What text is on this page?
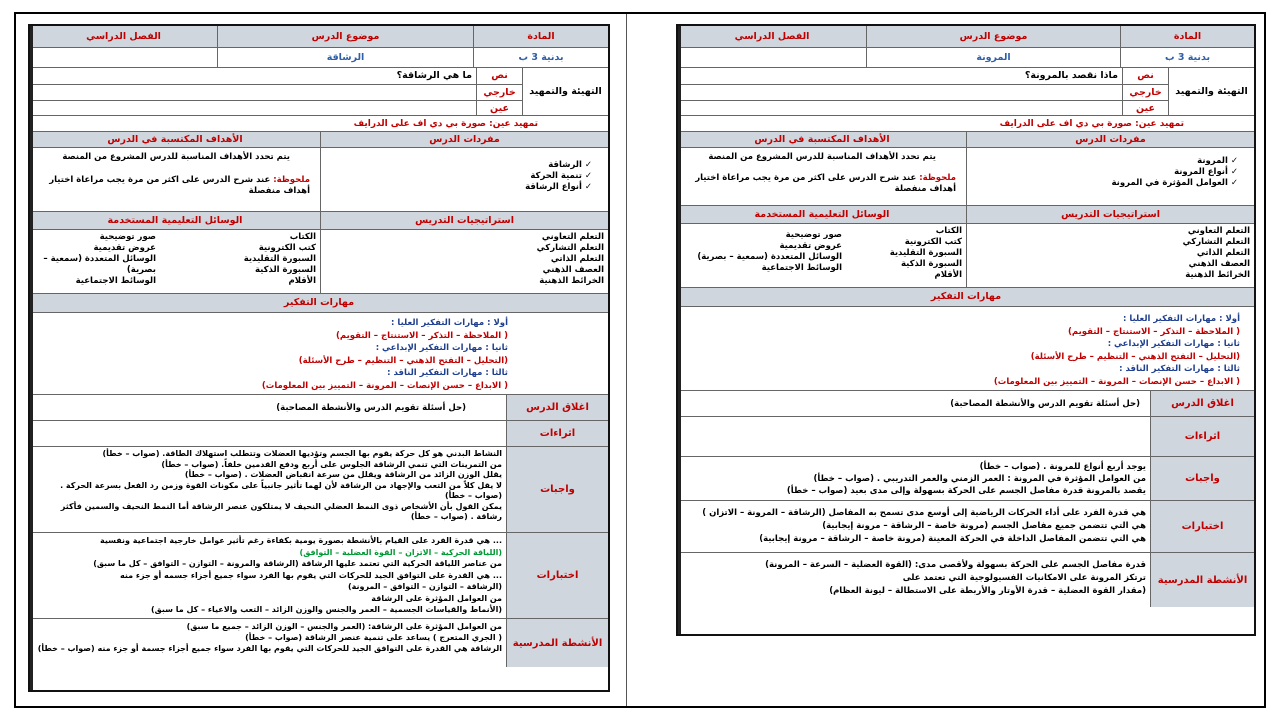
المادة
موضوع الدرس
الفصل الدراسي
بدنية 3 ب
الرشاقة
التهيئة والتمهيد
نص
خارجي
عين
ما هي الرشاقة؟
تمهيد عين: صورة بي دي اف على الدرايف
مفردات الدرس
الأهداف المكتسبة في الدرس
✓ الرشاقة
✓ تنمية الحركة
✓ أنواع الرشاقة
يتم تحدد الأهداف المناسبة للدرس المشروع من المنصة
ملحوظة: عند شرح الدرس على اكثر من مرة يجب مراعاة اختيار أهداف منفصلة
استراتيجيات التدريس
الوسائل التعليمية المستخدمة
التعلم التعاوني
التعلم التشاركي
التعلم الذاتي
العصف الذهني
الخرائط الذهنية
الكتاب
كتب الكترونية
السبورة التقليدية
السبورة الذكية
الأقلام
صور توضيحية
عروض تقديمية
الوسائل المتعددة (سمعية –
بصرية)
الوسائط الاجتماعية
مهارات التفكير
أولا : مهارات التفكير العليا :
( الملاحظة – التذكر – الاستنتاج – التقويم)
ثانيا : مهارات التفكير الإبداعي :
(التحليل – التفتح الذهني – التنظيم – طرح الأسئلة)
ثالثا : مهارات التفكير الناقد :
( الابداع – حسن الإنصات – المرونة – التمييز بين المعلومات)
اغلاق الدرس
(حل أسئلة تقويم الدرس والأنشطة المصاحبة)
اثراءات
واجبات
النشاط البدني هو كل حركة يقوم بها الجسم وتؤديها العضلات وتتطلب استهلاك الطاقة. (صواب – خطأ)
من التمرينات التي تنمي الرشاقة الجلوس على أربع ودفع القدمين خلفاً. (صواب – خطأ)
يقلل الوزن الزائد من الرشاقة ويقلل من سرعة انقباض العضلات . (صواب – خطأ)
لا يقل كلاً من التعب والإجهاد من الرشاقة لأن لهما تأثير جانبياً على مكونات القوة وزمن رد الفعل بسرعة الحركة . (صواب – خطأ)
يمكن القول بأن الأشخاص ذوى النمط العضلي النحيف لا يمتلكون عنصر الرشاقة أما النمط النحيف والسمين فأكثر رشاقة . (صواب – خطأ)
اختبارات
... هي قدرة الفرد على القيام بالأنشطة بصورة يومية بكفاءة رغم تأثير عوامل خارجية اجتماعية ونفسية
(اللياقة الحركية – الاتزان – القوة العضلية – التوافق)
من عناصر اللياقة الحركية التي تعتمد عليها الرشاقة (الرشاقة والمرونة – التوازن – التوافق – كل ما سبق)
... هي القدرة على التوافق الجيد للحركات التي يقوم بها الفرد سواء جميع أجزاء جسمه أو جزء منه
(الرشاقة – التوازن – التوافق – المرونة)
من العوامل المؤثرة على الرشاقة
(الأنماط والقياسات الجسمية – العمر والجنس والوزن الزائد – التعب والاعياء – كل ما سبق)
الأنشطة المدرسية
من العوامل المؤثرة على الرشاقة: (العمر والجنس – الوزن الزائد – جميع ما سبق)
( الجري المتعرج ) يساعد على تنمية عنصر الرشاقة (صواب – خطأ)
الرشاقة هي القدرة على التوافق الجيد للحركات التي يقوم بها الفرد سواء جميع أجزاء جسمة أو جزء منه (صواب – خطأ)
المادة
موضوع الدرس
الفصل الدراسي
بدنية 3 ب
المرونة
التهيئة والتمهيد
نص
خارجي
عين
ماذا نقصد بالمرونة؟
تمهيد عين: صورة بي دي اف على الدرايف
مفردات الدرس
الأهداف المكتسبة في الدرس
✓ المرونة
✓ أنواع المرونة
✓ العوامل المؤثرة في المرونة
يتم تحدد الأهداف المناسبة للدرس المشروع من المنصة
ملحوظة: عند شرح الدرس على اكثر من مرة يجب مراعاة اختيار أهداف منفصلة
استراتيجيات التدريس
الوسائل التعليمية المستخدمة
التعلم التعاوني
التعلم التشاركي
التعلم الذاتي
العصف الذهني
الخرائط الذهنية
الكتاب
كتب الكترونية
السبورة التقليدية
السبورة الذكية
الأقلام
صور توضيحية
عروض تقديمية
الوسائل المتعددة (سمعية – بصرية)
الوسائط الاجتماعية
مهارات التفكير
أولا : مهارات التفكير العليا :
( الملاحظة – التذكر – الاستنتاج – التقويم)
ثانيا : مهارات التفكير الإبداعي :
(التحليل – التفتح الذهني – التنظيم – طرح الأسئلة)
ثالثا : مهارات التفكير الناقد :
( الابداع – حسن الإنصات – المرونة – التمييز بين المعلومات)
اغلاق الدرس
(حل أسئلة تقويم الدرس والأنشطة المصاحبة)
اثراءات
واجبات
يوجد أربع أنواع للمرونة . (صواب – خطأ)
من العوامل المؤثرة في المرونة : العمر الزمني والعمر التدريبي . (صواب – خطأ)
يقصد بالمرونة قدرة مفاصل الجسم على الحركة بسهولة وإلى مدى بعيد (صواب – خطأ)
اختبارات
هي قدرة الفرد على أداء الحركات الرياضية إلى أوسع مدى تسمح به المفاصل (الرشاقة – المرونة – الاتزان )
هي التي تتضمن جميع مفاصل الجسم (مرونة خاصة – الرشاقة – مرونة إيجابية)
هي التي تتضمن المفاصل الداخلة في الحركة المعينة (مرونة خاصة – الرشاقة – مرونة إيجابية)
الأنشطة المدرسية
قدرة مفاصل الجسم على الحركة بسهولة ولأقصى مدى: (القوة العضلية – السرعة – المرونة)
ترتكز المرونة على الامكانيات الفسيولوجية التي تعتمد على
(مقدار القوة العضلية – قدرة الأوتار والأربطة على الاستطالة – ليونة العظام)
